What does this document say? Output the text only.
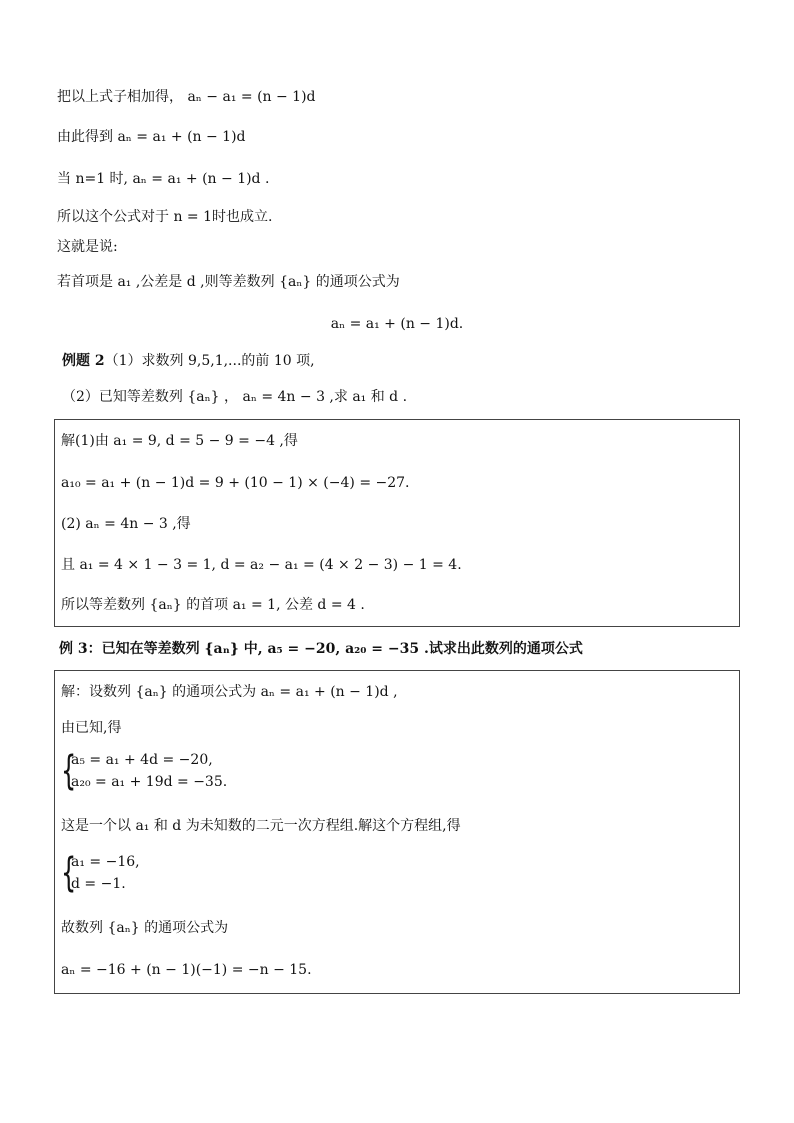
把以上式子相加得， aₙ − a₁ = (n − 1)d
由此得到 aₙ = a₁ + (n − 1)d
当 n=1 时, aₙ = a₁ + (n − 1)d .
所以这个公式对于 n = 1时也成立.
这就是说:
若首项是 a₁ ,公差是 d ,则等差数列 {aₙ} 的通项公式为
aₙ = a₁ + (n − 1)d.
例题 2（1）求数列 9,5,1,...的前 10 项,
（2）已知等差数列 {aₙ} ， aₙ = 4n − 3 ,求 a₁ 和 d .
解(1)由 a₁ = 9, d = 5 − 9 = −4 ,得
a₁₀ = a₁ + (n − 1)d = 9 + (10 − 1) × (−4) = −27.
(2) aₙ = 4n − 3 ,得
且 a₁ = 4 × 1 − 3 = 1, d = a₂ − a₁ = (4 × 2 − 3) − 1 = 4.
所以等差数列 {aₙ} 的首项 a₁ = 1, 公差 d = 4 .
例 3：已知在等差数列 {aₙ} 中, a₅ = −20, a₂₀ = −35 .试求出此数列的通项公式
解：设数列 {aₙ} 的通项公式为 aₙ = a₁ + (n − 1)d ,
由已知,得
{
a₅ = a₁ + 4d = −20,
a₂₀ = a₁ + 19d = −35.
这是一个以 a₁ 和 d 为未知数的二元一次方程组.解这个方程组,得
{
a₁ = −16,
d = −1.
故数列 {aₙ} 的通项公式为
aₙ = −16 + (n − 1)(−1) = −n − 15.
